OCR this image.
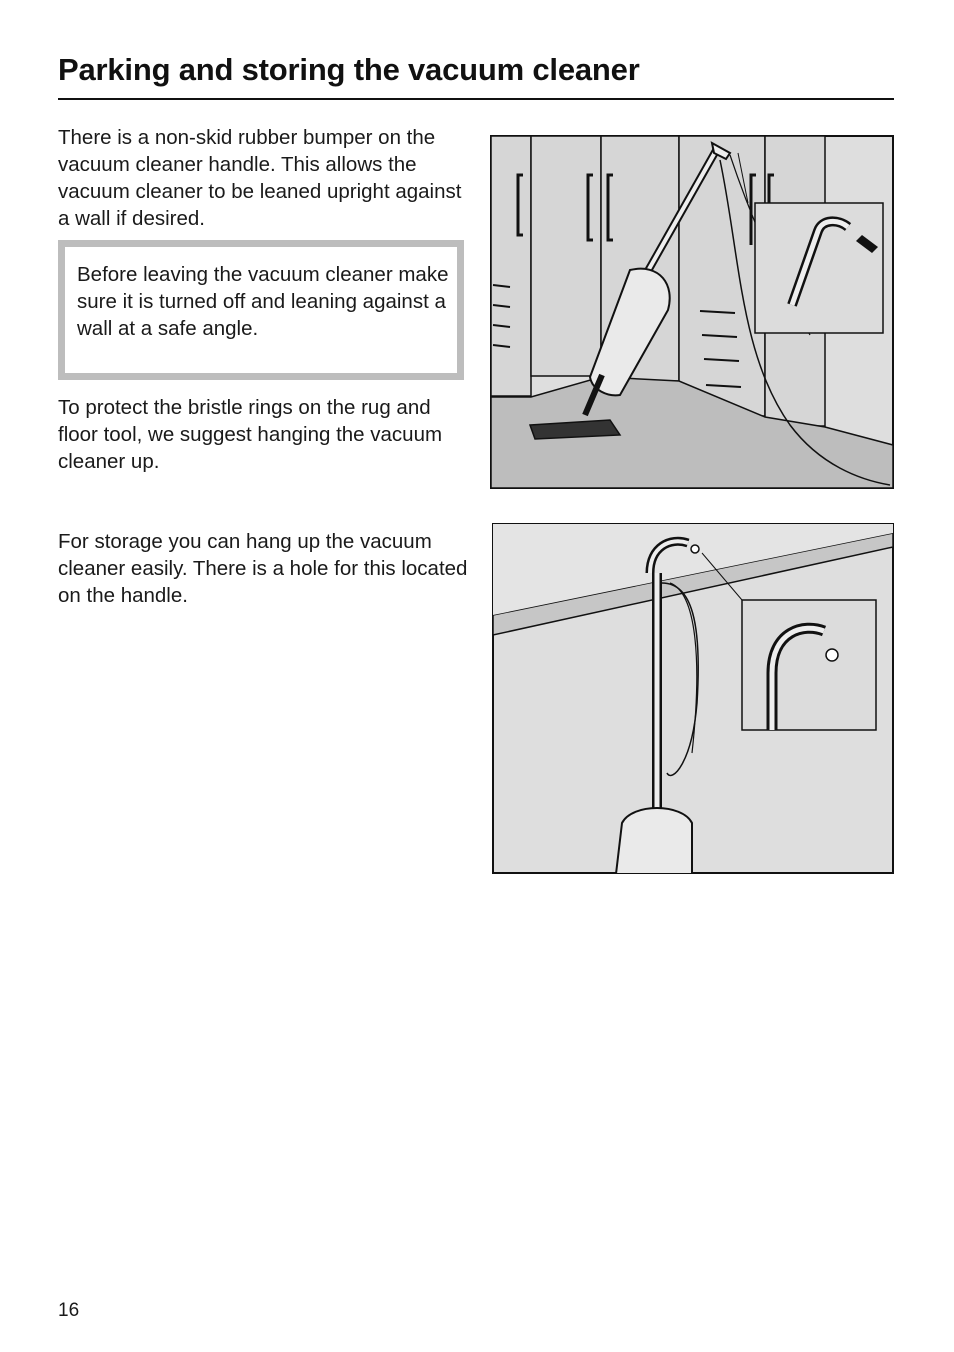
Parking and storing the vacuum cleaner

There is a non-skid rubber bumper on the vacuum cleaner handle. This allows the vacuum cleaner to be leaned upright against a wall if desired.

Before leaving the vacuum cleaner make sure it is turned off and leaning against a wall at a safe angle.

To protect the bristle rings on the rug and floor tool, we suggest hanging the vacuum cleaner up.

For storage you can hang up the vacuum cleaner easily. There is a hole for this located on the handle.

16
